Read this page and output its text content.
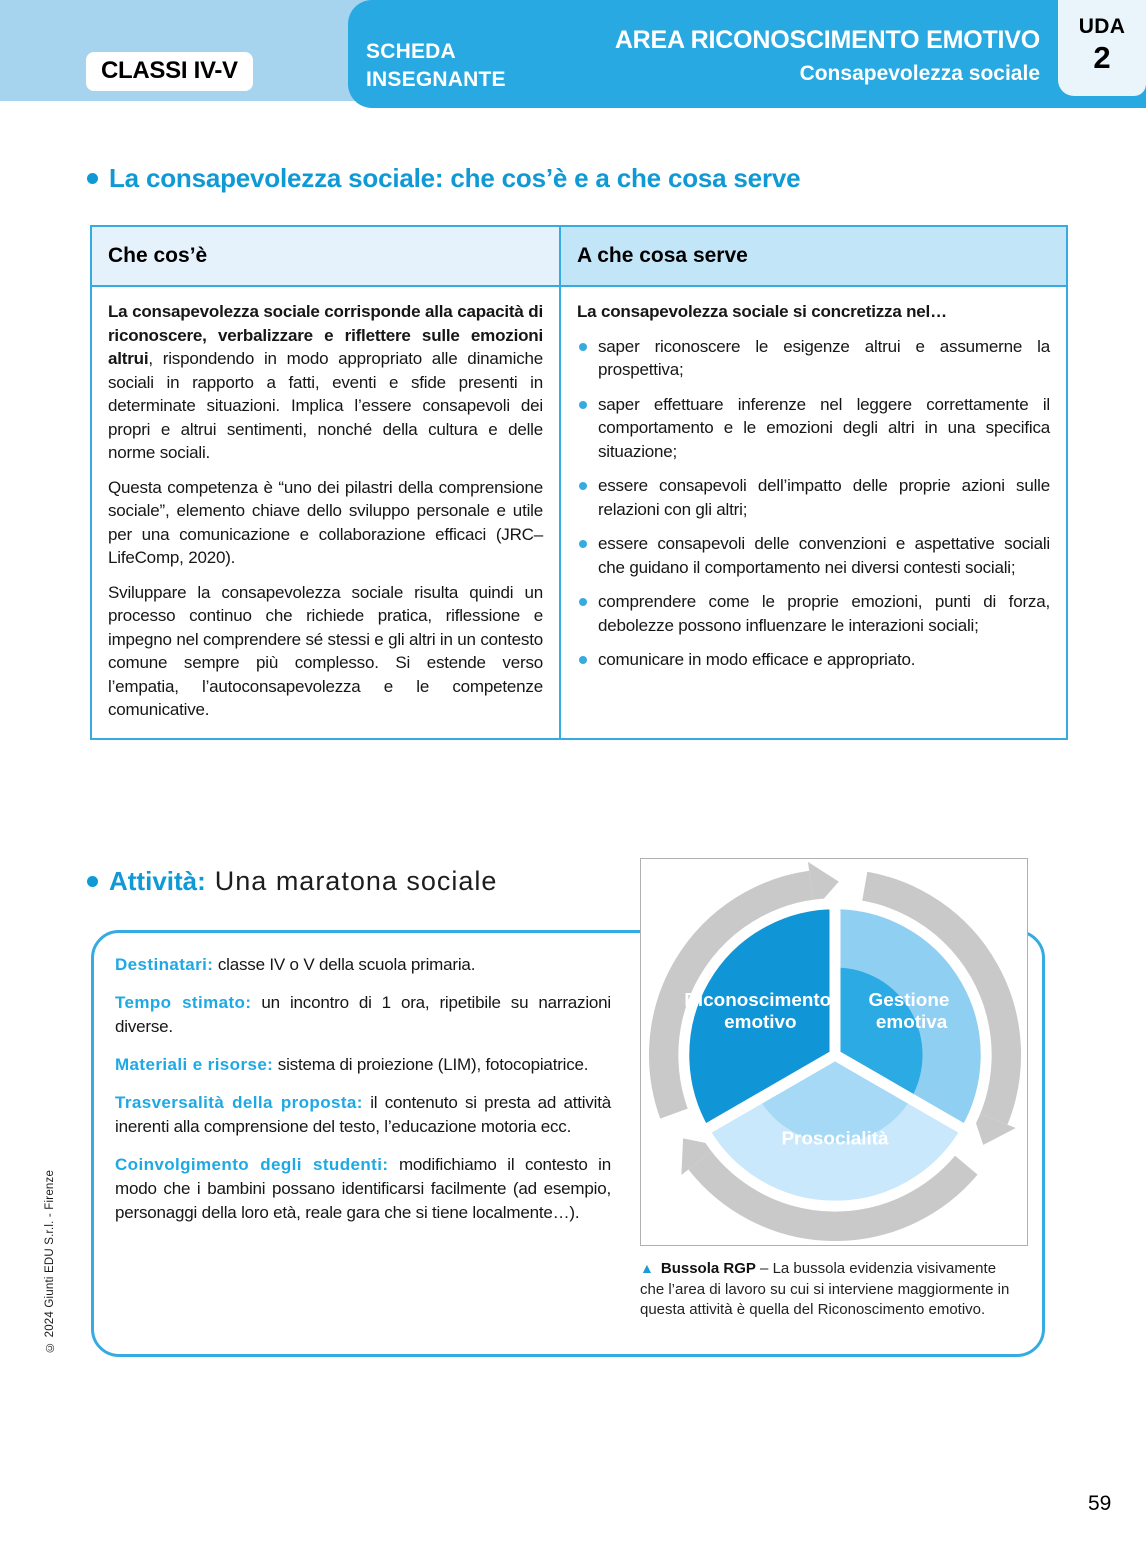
CLASSI IV-V
SCHEDA
INSEGNANTE
AREA RICONOSCIMENTO EMOTIVO
Consapevolezza sociale
UDA
2
La consapevolezza sociale: che cos’è e a che cosa serve
Che cos’è	A che cosa serve

La consapevolezza sociale corrisponde alla capacità di riconoscere, verbalizzare e riflettere sulle emozioni altrui, rispondendo in modo appropriato alle dinamiche sociali in rapporto a fatti, eventi e sfide presenti in determinate situazioni. Implica l’essere consapevoli dei propri e altrui sentimenti, nonché della cultura e delle norme sociali.

Questa competenza è “uno dei pilastri della comprensione sociale”, elemento chiave dello sviluppo personale e utile per una comunicazione e collaborazione efficaci (JRC–LifeComp, 2020).

Sviluppare la consapevolezza sociale risulta quindi un processo continuo che richiede pratica, riflessione e impegno nel comprendere sé stessi e gli altri in un contesto comune sempre più complesso. Si estende verso l’empatia, l’autoconsapevolezza e le competenze comunicative.

La consapevolezza sociale si concretizza nel…
saper riconoscere le esigenze altrui e assumerne la prospettiva;
saper effettuare inferenze nel leggere correttamente il comportamento e le emozioni degli altri in una specifica situazione;
essere consapevoli dell’impatto delle proprie azioni sulle relazioni con gli altri;
essere consapevoli delle convenzioni e aspettative sociali che guidano il comportamento nei diversi contesti sociali;
comprendere come le proprie emozioni, punti di forza, debolezze possono influenzare le interazioni sociali;
comunicare in modo efficace e appropriato.
Attività: Una maratona sociale

Destinatari: classe IV o V della scuola primaria.

Tempo stimato: un incontro di 1 ora, ripetibile su narrazioni diverse.

Materiali e risorse: sistema di proiezione (LIM), fotocopiatrice.

Trasversalità della proposta: il contenuto si presta ad attività inerenti alla comprensione del testo, l’educazione motoria ecc.

Coinvolgimento degli studenti: modifichiamo il contesto in modo che i bambini possano identificarsi facilmente (ad esempio, personaggi della loro età, reale gara che si tiene localmente…).

Riconoscimento emotivo
Gestione emotiva
Prosocialità
▲ Bussola RGP – La bussola evidenzia visivamente che l’area di lavoro su cui si interviene maggiormente in questa attività è quella del Riconoscimento emotivo.
© 2024 Giunti EDU S.r.l. - Firenze
59
